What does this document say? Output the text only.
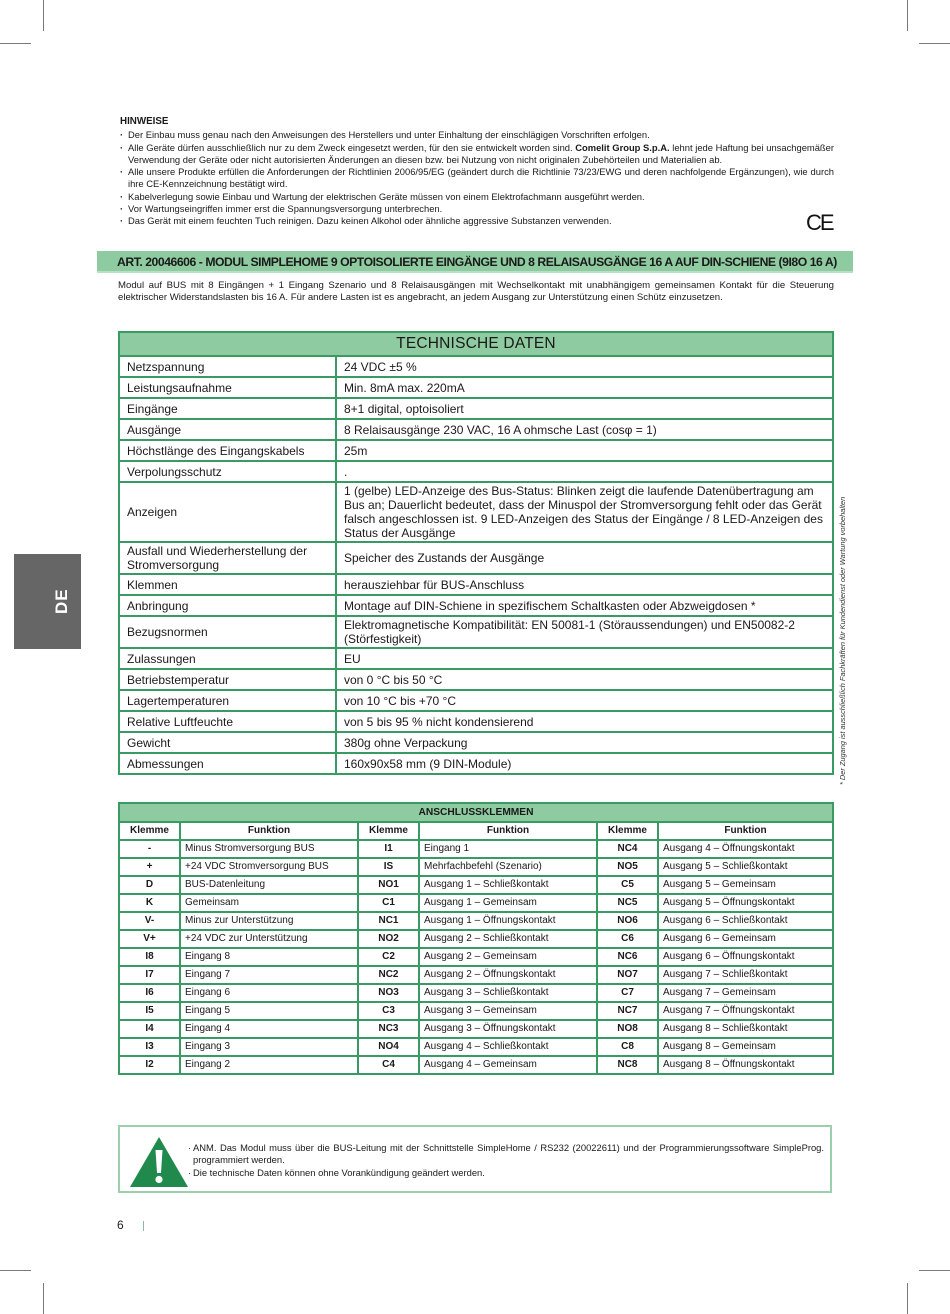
HINWEISE
· Der Einbau muss genau nach den Anweisungen des Herstellers und unter Einhaltung der einschlägigen Vorschriften erfolgen.
· Alle Geräte dürfen ausschließlich nur zu dem Zweck eingesetzt werden, für den sie entwickelt worden sind. Comelit Group S.p.A. lehnt jede Haftung bei unsachgemäßer Verwendung der Geräte oder nicht autorisierten Änderungen an diesen bzw. bei Nutzung von nicht originalen Zubehörteilen und Materialien ab.
· Alle unsere Produkte erfüllen die Anforderungen der Richtlinien 2006/95/EG (geändert durch die Richtlinie 73/23/EWG und deren nachfolgende Ergänzungen), wie durch ihre CE-Kennzeichnung bestätigt wird.
· Kabelverlegung sowie Einbau und Wartung der elektrischen Geräte müssen von einem Elektrofachmann ausgeführt werden.
· Vor Wartungseingriffen immer erst die Spannungsversorgung unterbrechen.
· Das Gerät mit einem feuchten Tuch reinigen. Dazu keinen Alkohol oder ähnliche aggressive Substanzen verwenden.	CE
ART. 20046606 - MODUL SIMPLEHOME 9 OPTOISOLIERTE EINGÄNGE UND 8 RELAISAUSGÄNGE 16 A AUF DIN-SCHIENE (9I8O 16 A)
Modul auf BUS mit 8 Eingängen + 1 Eingang Szenario und 8 Relaisausgängen mit Wechselkontakt mit unabhängigem gemeinsamen Kontakt für die Steuerung elektrischer Widerstandslasten bis 16 A. Für andere Lasten ist es angebracht, an jedem Ausgang zur Unterstützung einen Schütz einzusetzen.
DE
TECHNISCHE DATEN	
Netzspannung	24 VDC ±5 %
Leistungsaufnahme	Min. 8mA max. 220mA
Eingänge	8+1 digital, optoisoliert
Ausgänge	8 Relaisausgänge 230 VAC, 16 A ohmsche Last (cosφ = 1)
Höchstlänge des Eingangskabels	25m
Verpolungsschutz	.
Anzeigen	1 (gelbe) LED-Anzeige des Bus-Status: Blinken zeigt die laufende Datenübertragung am Bus an; Dauerlicht bedeutet, dass der Minuspol der Stromversorgung fehlt oder das Gerät falsch angeschlossen ist. 9 LED-Anzeigen des Status der Eingänge / 8 LED-Anzeigen des Status der Ausgänge
Ausfall und Wiederherstellung der Stromversorgung	Speicher des Zustands der Ausgänge
Klemmen	herausziehbar für BUS-Anschluss
Anbringung	Montage auf DIN-Schiene in spezifischem Schaltkasten oder Abzweigdosen *
Bezugsnormen	Elektromagnetische Kompatibilität: EN 50081-1 (Störaussendungen) und EN50082-2 (Störfestigkeit)
Zulassungen	EU
Betriebstemperatur	von 0 °C bis 50 °C
Lagertemperaturen	von 10 °C bis +70 °C
Relative Luftfeuchte	von 5 bis 95 % nicht kondensierend
Gewicht	380g ohne Verpackung
Abmessungen	160x90x58 mm (9 DIN-Module)	* Der Zugang ist ausschließlich Fachkräften für Kundendienst oder Wartung vorbehalten
ANSCHLUSSKLEMMEN					
Klemme	Funktion	Klemme	Funktion	Klemme	Funktion
-	Minus Stromversorgung BUS	I1	Eingang 1	NC4	Ausgang 4 – Öffnungskontakt
+	+24 VDC Stromversorgung BUS	IS	Mehrfachbefehl (Szenario)	NO5	Ausgang 5 – Schließkontakt
D	BUS-Datenleitung	NO1	Ausgang 1 – Schließkontakt	C5	Ausgang 5 – Gemeinsam
K	Gemeinsam	C1	Ausgang 1 – Gemeinsam	NC5	Ausgang 5 – Öffnungskontakt
V-	Minus zur Unterstützung	NC1	Ausgang 1 – Öffnungskontakt	NO6	Ausgang 6 – Schließkontakt
V+	+24 VDC zur Unterstützung	NO2	Ausgang 2 – Schließkontakt	C6	Ausgang 6 – Gemeinsam
I8	Eingang 8	C2	Ausgang 2 – Gemeinsam	NC6	Ausgang 6 – Öffnungskontakt
I7	Eingang 7	NC2	Ausgang 2 – Öffnungskontakt	NO7	Ausgang 7 – Schließkontakt
I6	Eingang 6	NO3	Ausgang 3 – Schließkontakt	C7	Ausgang 7 – Gemeinsam
I5	Eingang 5	C3	Ausgang 3 – Gemeinsam	NC7	Ausgang 7 – Öffnungskontakt
I4	Eingang 4	NC3	Ausgang 3 – Öffnungskontakt	NO8	Ausgang 8 – Schließkontakt
I3	Eingang 3	NO4	Ausgang 4 – Schließkontakt	C8	Ausgang 8 – Gemeinsam
I2	Eingang 2	C4	Ausgang 4 – Gemeinsam	NC8	Ausgang 8 – Öffnungskontakt
· ANM. Das Modul muss über die BUS-Leitung mit der Schnittstelle SimpleHome / RS232 (20022611) und der Programmierungssoftware SimpleProg. programmiert werden.
· Die technische Daten können ohne Vorankündigung geändert werden.
6
